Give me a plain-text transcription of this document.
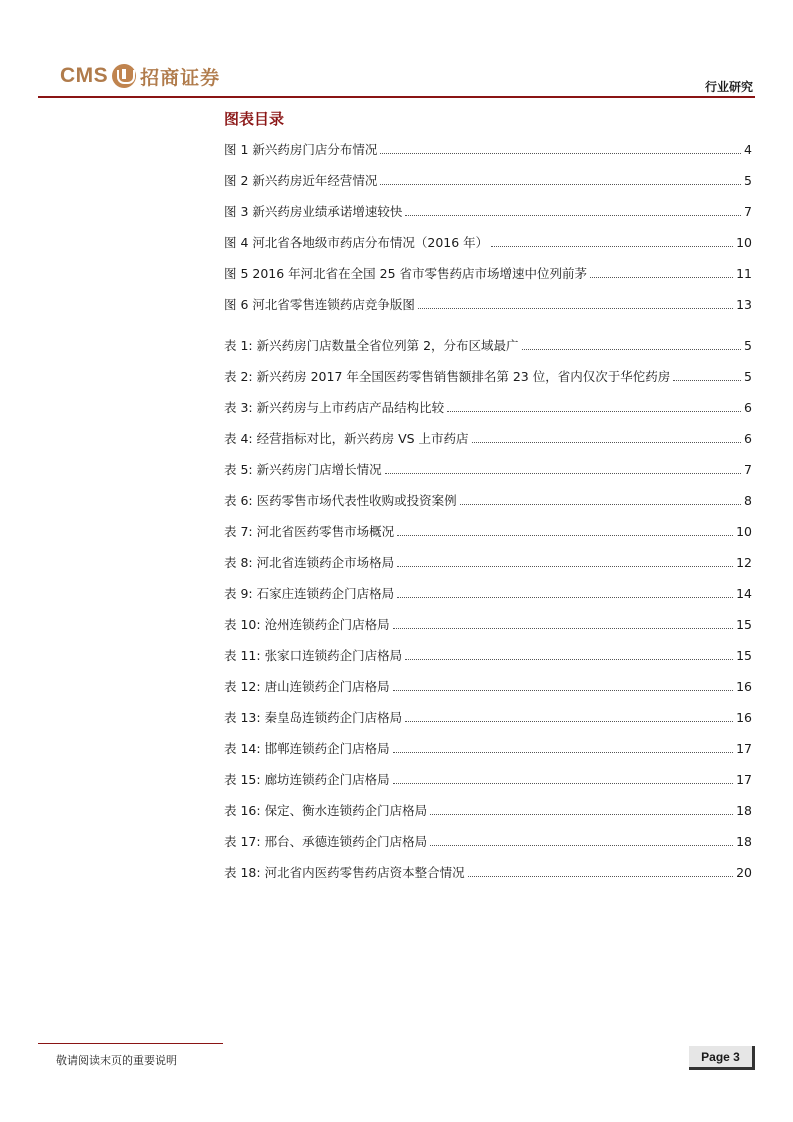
CMS 招商证券	行业研究
图表目录
图 1 新兴药房门店分布情况	4
图 2 新兴药房近年经营情况	5
图 3 新兴药房业绩承诺增速较快	7
图 4 河北省各地级市药店分布情况（2016 年）	10
图 5 2016 年河北省在全国 25 省市零售药店市场增速中位列前茅	11
图 6 河北省零售连锁药店竞争版图	13
表 1: 新兴药房门店数量全省位列第 2，分布区域最广	5
表 2: 新兴药房 2017 年全国医药零售销售额排名第 23 位，省内仅次于华佗药房	5
表 3: 新兴药房与上市药店产品结构比较	6
表 4: 经营指标对比，新兴药房 VS 上市药店	6
表 5: 新兴药房门店增长情况	7
表 6: 医药零售市场代表性收购或投资案例	8
表 7: 河北省医药零售市场概况	10
表 8: 河北省连锁药企市场格局	12
表 9: 石家庄连锁药企门店格局	14
表 10: 沧州连锁药企门店格局	15
表 11: 张家口连锁药企门店格局	15
表 12: 唐山连锁药企门店格局	16
表 13: 秦皇岛连锁药企门店格局	16
表 14: 邯郸连锁药企门店格局	17
表 15: 廊坊连锁药企门店格局	17
表 16: 保定、衡水连锁药企门店格局	18
表 17: 邢台、承德连锁药企门店格局	18
表 18: 河北省内医药零售药店资本整合情况	20
敬请阅读末页的重要说明	Page 3
